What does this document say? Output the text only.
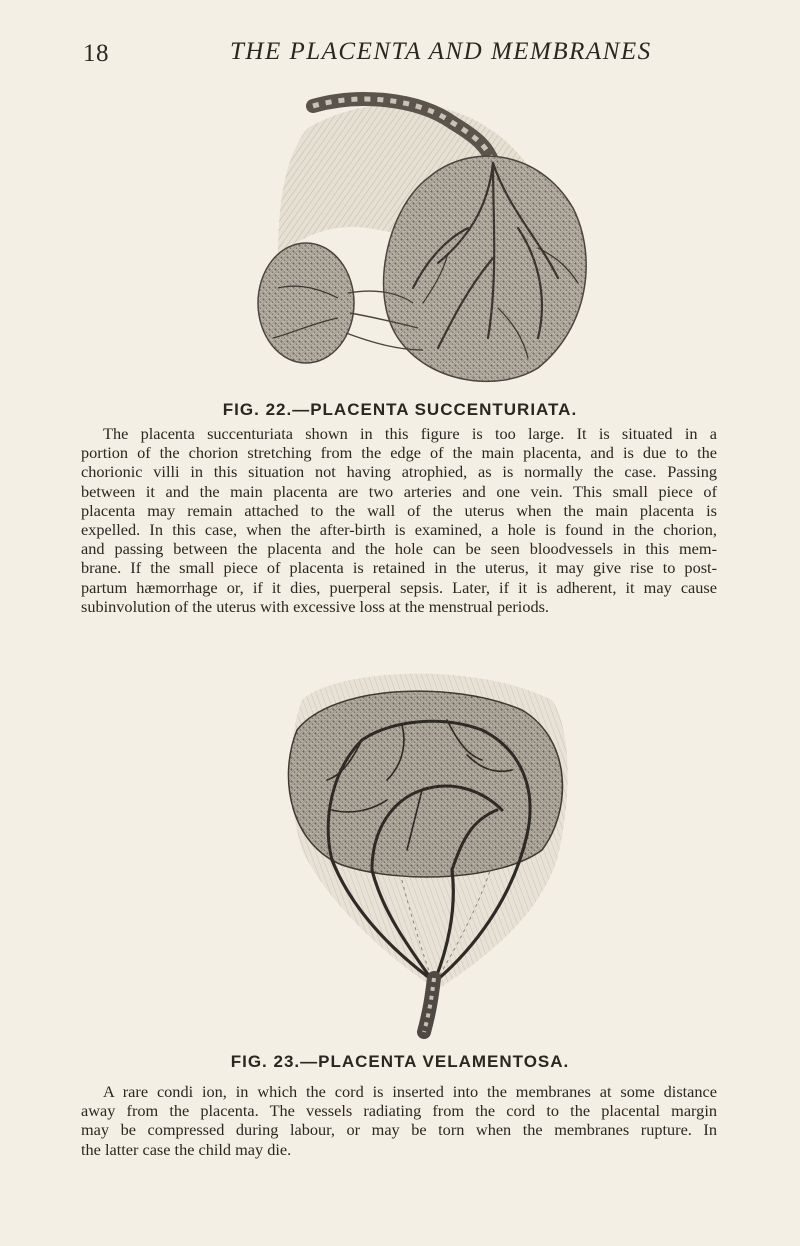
18	THE PLACENTA AND MEMBRANES
FIG. 22.—PLACENTA SUCCENTURIATA.
The placenta succenturiata shown in this figure is too large. It is situated in a
portion of the chorion stretching from the edge of the main placenta, and is due to the
chorionic villi in this situation not having atrophied, as is normally the case. Passing
between it and the main placenta are two arteries and one vein. This small piece of
placenta may remain attached to the wall of the uterus when the main placenta is
expelled. In this case, when the after-birth is examined, a hole is found in the chorion,
and passing between the placenta and the hole can be seen bloodvessels in this mem-
brane. If the small piece of placenta is retained in the uterus, it may give rise to post-
partum hæmorrhage or, if it dies, puerperal sepsis. Later, if it is adherent, it may cause
subinvolution of the uterus with excessive loss at the menstrual periods.
FIG. 23.—PLACENTA VELAMENTOSA.
A rare condi ion, in which the cord is inserted into the membranes at some distance
away from the placenta. The vessels radiating from the cord to the placental margin
may be compressed during labour, or may be torn when the membranes rupture. In
the latter case the child may die.
